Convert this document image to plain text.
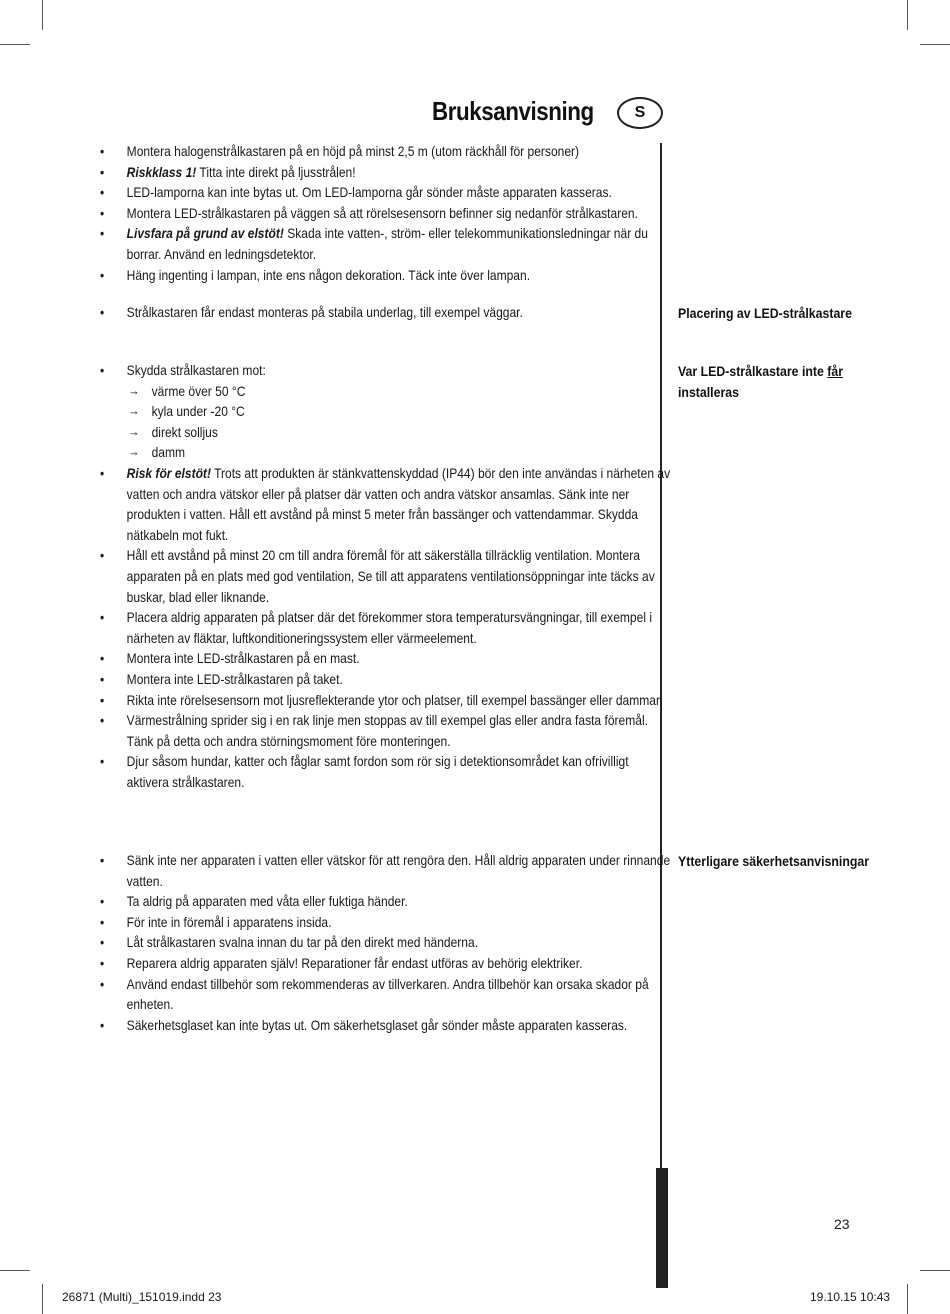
Bruksanvisning	S
• Montera halogenstrålkastaren på en höjd på minst 2,5 m (utom räckhåll för personer)
• Riskklass 1! Titta inte direkt på ljusstrålen!
• LED-lamporna kan inte bytas ut. Om LED-lamporna går sönder måste apparaten kasseras.
• Montera LED-strålkastaren på väggen så att rörelsesensorn befinner sig nedanför strålkastaren.
• Livsfara på grund av elstöt! Skada inte vatten-, ström- eller telekommunikationsledningar när du borrar. Använd en ledningsdetektor.
• Häng ingenting i lampan, inte ens någon dekoration. Täck inte över lampan.
• Strålkastaren får endast monteras på stabila underlag, till exempel väggar.
• Skydda strålkastaren mot:
→ värme över 50 °C
→ kyla under -20 °C
→ direkt solljus
→ damm
• Risk för elstöt! Trots att produkten är stänkvattenskyddad (IP44) bör den inte användas i närheten av vatten och andra vätskor eller på platser där vatten och andra vätskor ansamlas. Sänk inte ner produkten i vatten. Håll ett avstånd på minst 5 meter från bassänger och vattendammar. Skydda nätkabeln mot fukt.
• Håll ett avstånd på minst 20 cm till andra föremål för att säkerställa tillräcklig ventilation. Montera apparaten på en plats med god ventilation, Se till att apparatens ventilationsöppningar inte täcks av buskar, blad eller liknande.
• Placera aldrig apparaten på platser där det förekommer stora temperatursvängningar, till exempel i närheten av fläktar, luftkonditioneringssystem eller värmeelement.
• Montera inte LED-strålkastaren på en mast.
• Montera inte LED-strålkastaren på taket.
• Rikta inte rörelsesensorn mot ljusreflekterande ytor och platser, till exempel bassänger eller dammar.
• Värmestrålning sprider sig i en rak linje men stoppas av till exempel glas eller andra fasta föremål. Tänk på detta och andra störningsmoment före monteringen.
• Djur såsom hundar, katter och fåglar samt fordon som rör sig i detektionsområdet kan ofrivilligt aktivera strålkastaren.
• Sänk inte ner apparaten i vatten eller vätskor för att rengöra den. Håll aldrig apparaten under rinnande vatten.
• Ta aldrig på apparaten med våta eller fuktiga händer.
• För inte in föremål i apparatens insida.
• Låt strålkastaren svalna innan du tar på den direkt med händerna.
• Reparera aldrig apparaten själv! Reparationer får endast utföras av behörig elektriker.
• Använd endast tillbehör som rekommenderas av tillverkaren. Andra tillbehör kan orsaka skador på enheten.
• Säkerhetsglaset kan inte bytas ut. Om säkerhetsglaset går sönder måste apparaten kasseras.
Placering av LED-strålkastare
Var LED-strålkastare inte får installeras
Ytterligare säkerhetsanvisningar
23
26871 (Multi)_151019.indd 23	19.10.15 10:43
